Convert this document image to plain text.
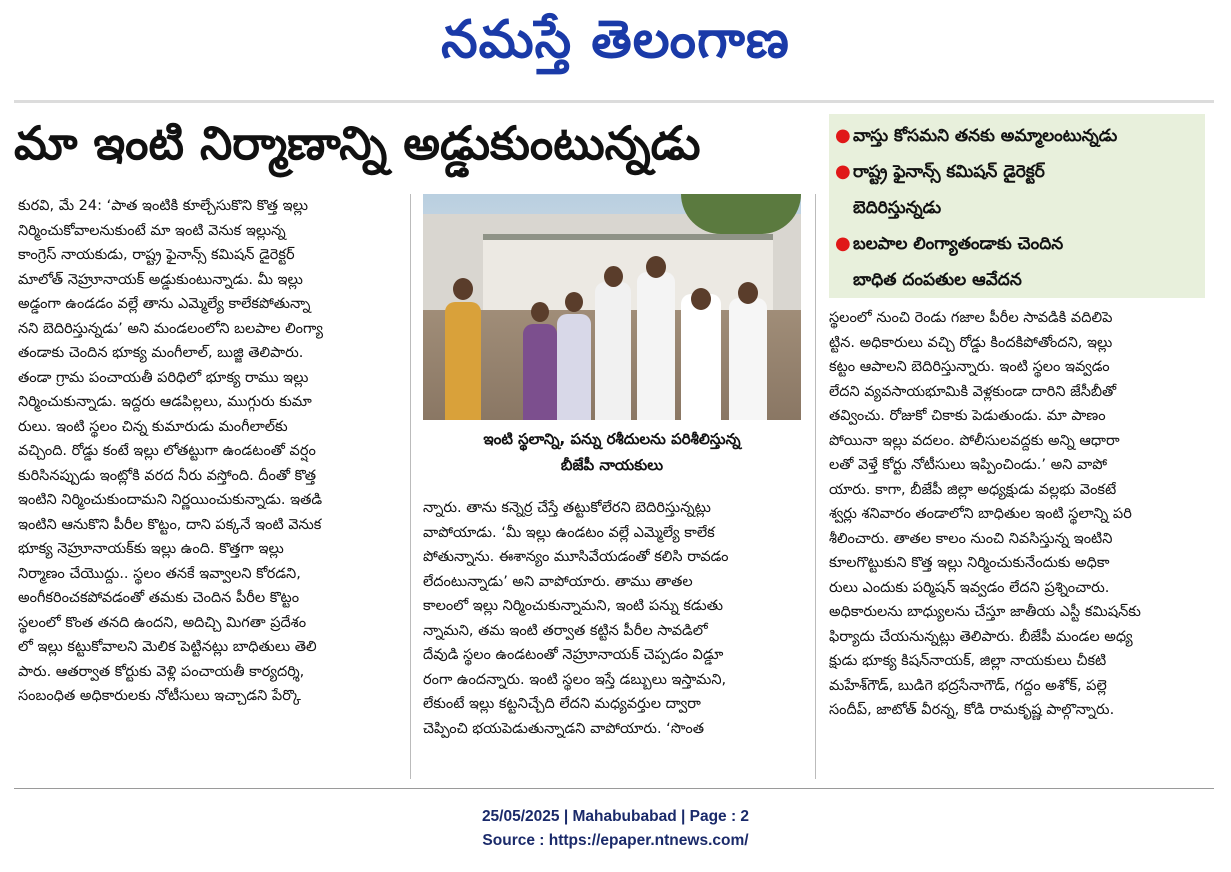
నమస్తే తెలంగాణ
మా ఇంటి నిర్మాణాన్ని అడ్డుకుంటున్నడు	● వాస్తు కోసమని తనకు అమ్మాలంటున్నడు
● రాష్ట్ర ఫైనాన్స్ కమిషన్ డైరెక్టర్
బెదిరిస్తున్నడు
● బలపాల లింగ్యాతండాకు చెందిన
బాధిత దంపతుల ఆవేదన

కురవి, మే 24: ‘పాత ఇంటికి కూల్చేసుకొని కొత్త ఇల్లు

నిర్మించుకోవాలనుకుంటే మా ఇంటి వెనుక ఇల్లున్న

కాంగ్రెస్ నాయకుడు, రాష్ట్ర ఫైనాన్స్ కమిషన్ డైరెక్టర్

మాలోత్ నెహ్రూనాయక్ అడ్డుకుంటున్నాడు. మీ ఇల్లు

అడ్డంగా ఉండడం వల్లే తాను ఎమ్మెల్యే కాలేకపోతున్నా

నని బెదిరిస్తున్నడు’ అని మండలంలోని బలపాల లింగ్యా

తండాకు చెందిన భూక్య మంగీలాల్, బుజ్జి తెలిపారు.

తండా గ్రామ పంచాయతీ పరిధిలో భూక్య రాము ఇల్లు

నిర్మించుకున్నాడు. ఇద్దరు ఆడపిల్లలు, ముగ్గురు కుమా

రులు. ఇంటి స్థలం చిన్న కుమారుడు మంగీలాల్‌కు

వచ్చింది. రోడ్డు కంటే ఇల్లు లోతట్టుగా ఉండటంతో వర్షం

కురిసినప్పుడు ఇంట్లోకి వరద నీరు వస్తోంది. దీంతో కొత్త

ఇంటిని నిర్మించుకుందామని నిర్ణయించుకున్నాడు. ఇతడి

ఇంటిని ఆనుకొని పీరీల కొట్టం, దాని పక్కనే ఇంటి వెనుక

భూక్య నెహ్రూనాయక్‌కు ఇల్లు ఉంది. కొత్తగా ఇల్లు

నిర్మాణం చేయొద్దు.. స్థలం తనకే ఇవ్వాలని కోరడని,

అంగీకరించకపోవడంతో తమకు చెందిన పీరీల కొట్టం

స్థలంలో కొంత తనది ఉందని, అదిచ్చి మిగతా ప్రదేశం

లో ఇల్లు కట్టుకోవాలని మెలిక పెట్టినట్లు బాధితులు తెలి

పారు. ఆతర్వాత కోర్టుకు వెళ్లి పంచాయతీ కార్యదర్శి,

సంబంధిత అధికారులకు నోటీసులు ఇచ్చాడని పేర్కొ

ఇంటి స్థలాన్ని, పన్ను రశీదులను పరిశీలిస్తున్న
బీజేపీ నాయకులు

న్నారు. తాను కన్నెర్ర చేస్తే తట్టుకోలేరని బెదిరిస్తున్నట్లు

వాపోయాడు. ‘మీ ఇల్లు ఉండటం వల్లే ఎమ్మెల్యే కాలేక

పోతున్నాను. ఈశాన్యం మూసివేయడంతో కలిసి రావడం

లేదంటున్నాడు’ అని వాపోయారు. తాము తాతల

కాలంలో ఇల్లు నిర్మించుకున్నామని, ఇంటి పన్ను కడుతు

న్నామని, తమ ఇంటి తర్వాత కట్టిన పీరీల సావడిలో

దేవుడి స్థలం ఉండటంతో నెహ్రూనాయక్ చెప్పడం విడ్డూ

రంగా ఉందన్నారు. ఇంటి స్థలం ఇస్తే డబ్బులు ఇస్తామని,

లేకుంటే ఇల్లు కట్టనిచ్చేది లేదని మధ్యవర్తుల ద్వారా

చెప్పించి భయపెడుతున్నాడని వాపోయారు. ‘సొంత

స్థలంలో నుంచి రెండు గజాల పీరీల సావడికి వదిలిపె

ట్టిన. అధికారులు వచ్చి రోడ్డు కిందకిపోతోందని, ఇల్లు

కట్టం ఆపాలని బెదిరిస్తున్నారు. ఇంటి స్థలం ఇవ్వడం

లేదని వ్యవసాయభూమికి వెళ్లకుండా దారిని జేసీబీతో

తవ్వించు. రోజుకో చికాకు పెడుతుండు. మా పాణం

పోయినా ఇల్లు వదలం. పోలీసులవద్దకు అన్ని ఆధారా

లతో వెళ్తే కోర్టు నోటీసులు ఇప్పించిండు.’ అని వాపో

యారు. కాగా, బీజేపీ జిల్లా అధ్యక్షుడు వల్లభు వెంకటే

శ్వర్లు శనివారం తండాలోని బాధితుల ఇంటి స్థలాన్ని పరి

శీలించారు. తాతల కాలం నుంచి నివసిస్తున్న ఇంటిని

కూలగొట్టుకుని కొత్త ఇల్లు నిర్మించుకునేందుకు అధికా

రులు ఎందుకు పర్మిషన్ ఇవ్వడం లేదని ప్రశ్నించారు.

అధికారులను బాధ్యులను చేస్తూ జాతీయ ఎస్టీ కమిషన్‌కు

ఫిర్యాదు చేయనున్నట్లు తెలిపారు. బీజేపీ మండల అధ్య

క్షుడు భూక్య కిషన్‌నాయక్, జిల్లా నాయకులు చీకటి

మహేశ్‌గౌడ్, బుడిగె భద్రసేనాగౌడ్, గద్దం అశోక్, పల్లె

సందీప్, జాటోత్ వీరన్న, కోడి రామకృష్ణ పాల్గొన్నారు.

25/05/2025 | Mahabubabad | Page : 2
Source : https://epaper.ntnews.com/
